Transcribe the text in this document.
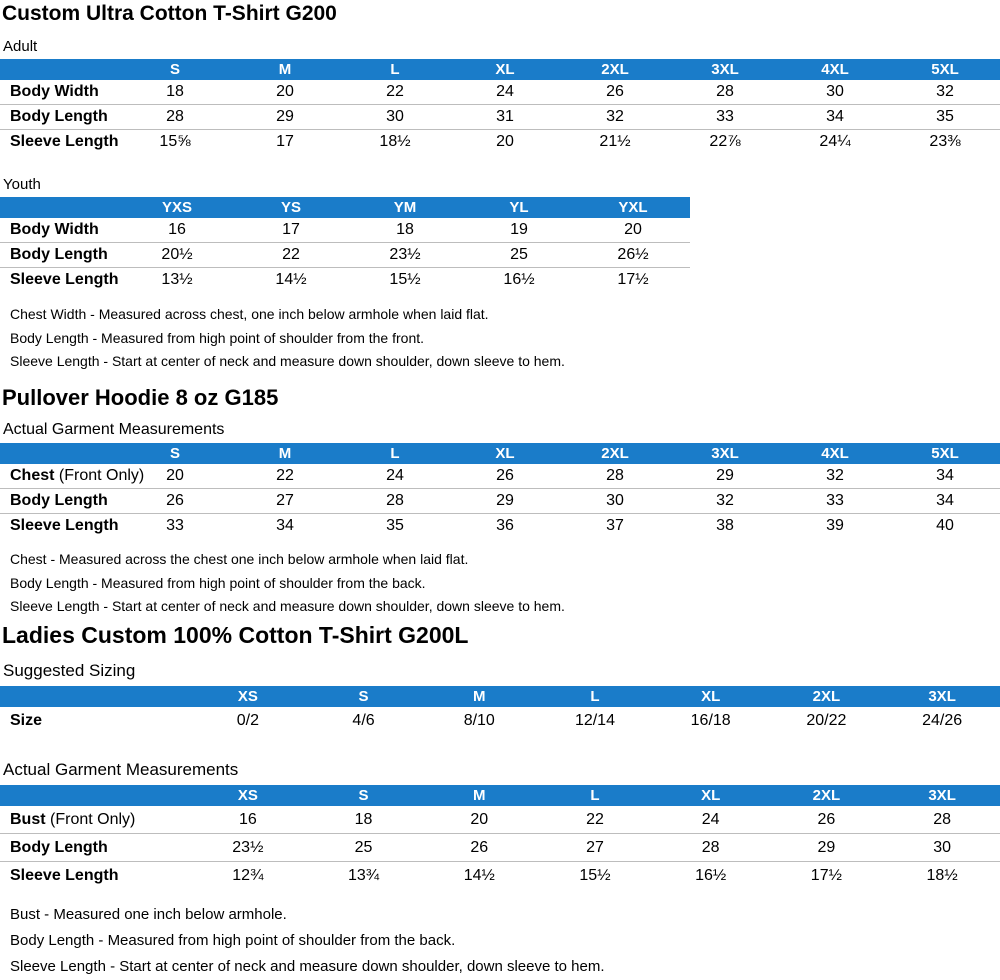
Custom Ultra Cotton T-Shirt G200
Adult
	S	M	L	XL	2XL	3XL	4XL	5XL
Body Width	18	20	22	24	26	28	30	32
Body Length	28	29	30	31	32	33	34	35
Sleeve Length	15⅝	17	18½	20	21½	22⅞	24¼	23⅜
Youth
	YXS	YS	YM	YL	YXL
Body Width	16	17	18	19	20
Body Length	20½	22	23½	25	26½
Sleeve Length	13½	14½	15½	16½	17½
Chest Width - Measured across chest, one inch below armhole when laid flat.
Body Length - Measured from high point of shoulder from the front.
Sleeve Length - Start at center of neck and measure down shoulder, down sleeve to hem.
Pullover Hoodie 8 oz G185
Actual Garment Measurements
	S	M	L	XL	2XL	3XL	4XL	5XL
Chest (Front Only)	20	22	24	26	28	29	32	34
Body Length	26	27	28	29	30	32	33	34
Sleeve Length	33	34	35	36	37	38	39	40
Chest - Measured across the chest one inch below armhole when laid flat.
Body Length - Measured from high point of shoulder from the back.
Sleeve Length - Start at center of neck and measure down shoulder, down sleeve to hem.
Ladies Custom 100% Cotton T-Shirt G200L
Suggested Sizing
	XS	S	M	L	XL	2XL	3XL
Size	0/2	4/6	8/10	12/14	16/18	20/22	24/26
Actual Garment Measurements
	XS	S	M	L	XL	2XL	3XL
Bust (Front Only)	16	18	20	22	24	26	28
Body Length	23½	25	26	27	28	29	30
Sleeve Length	12¾	13¾	14½	15½	16½	17½	18½
Bust - Measured one inch below armhole.
Body Length - Measured from high point of shoulder from the back.
Sleeve Length - Start at center of neck and measure down shoulder, down sleeve to hem.
